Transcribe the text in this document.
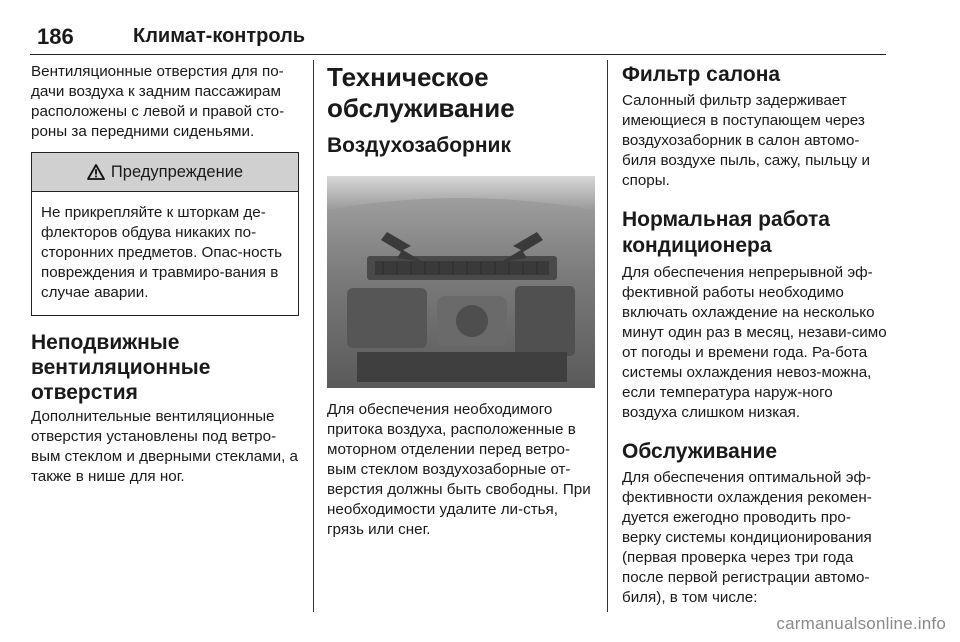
186	Климат-контроль

Вентиляционные отверстия для по-дачи воздуха к задним пассажирам расположены с левой и правой сто-роны за передними сиденьями.

Предупреждение
Не прикрепляйте к шторкам де-флекторов обдува никаких по-сторонних предметов. Опас-ность повреждения и травмиро-вания в случае аварии.
Неподвижные вентиляционные отверстия

Дополнительные вентиляционные отверстия установлены под ветро-вым стеклом и дверными стеклами, а также в нише для ног.

Техническое обслуживание
Воздухозаборник

Для обеспечения необходимого притока воздуха, расположенные в моторном отделении перед ветро-вым стеклом воздухозаборные от-верстия должны быть свободны. При необходимости удалите ли-стья, грязь или снег.

Фильтр салона

Салонный фильтр задерживает имеющиеся в поступающем через воздухозаборник в салон автомо-биля воздухе пыль, сажу, пыльцу и споры.

Нормальная работа кондиционера

Для обеспечения непрерывной эф-фективной работы необходимо включать охлаждение на несколько минут один раз в месяц, незави-симо от погоды и времени года. Ра-бота системы охлаждения невоз-можна, если температура наруж-ного воздуха слишком низкая.

Обслуживание

Для обеспечения оптимальной эф-фективности охлаждения рекомен-дуется ежегодно проводить про-верку системы кондиционирования (первая проверка через три года после первой регистрации автомо-биля), в том числе:

carmanualsonline.info
